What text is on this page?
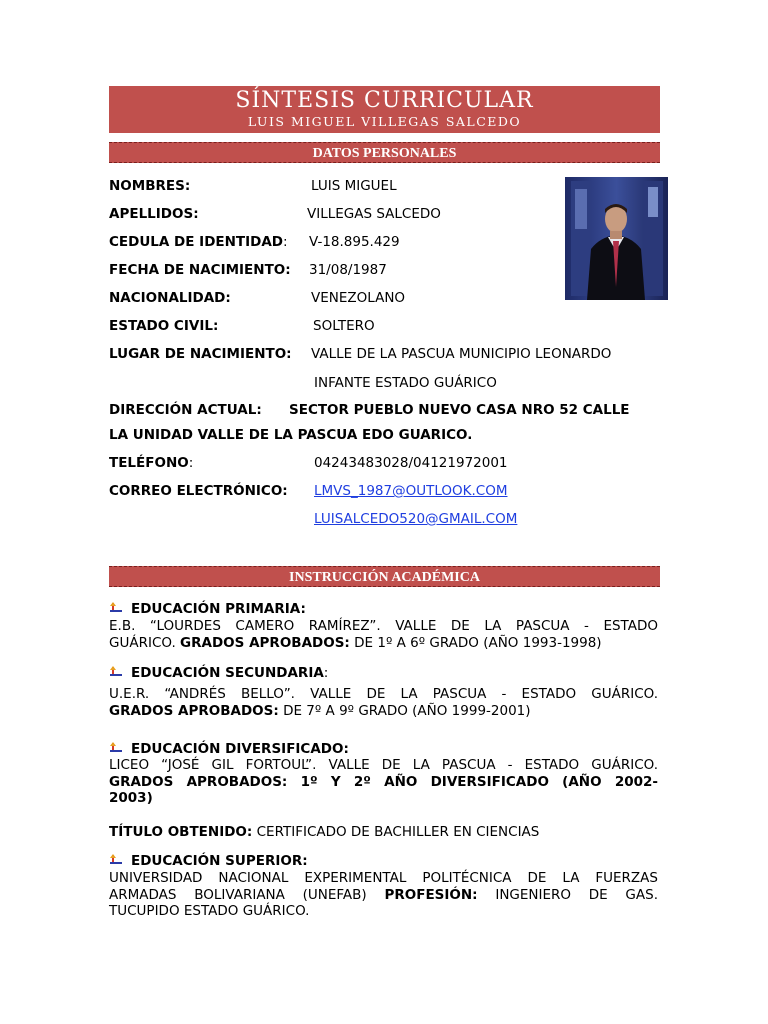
SÍNTESIS CURRICULAR
LUIS MIGUEL VILLEGAS SALCEDO
DATOS PERSONALES
NOMBRES:	LUIS MIGUEL
APELLIDOS:	VILLEGAS SALCEDO
CEDULA DE IDENTIDAD: V-18.895.429
FECHA DE NACIMIENTO: 31/08/1987
NACIONALIDAD:	VENEZOLANO
ESTADO CIVIL:	SOLTERO
LUGAR DE NACIMIENTO: VALLE DE LA PASCUA MUNICIPIO LEONARDO
INFANTE ESTADO GUÁRICO
DIRECCIÓN ACTUAL: SECTOR PUEBLO NUEVO CASA NRO 52 CALLE
LA UNIDAD VALLE DE LA PASCUA EDO GUARICO.
TELÉFONO:	04243483028/04121972001
CORREO ELECTRÓNICO: LMVS_1987@OUTLOOK.COM
LUISALCEDO520@GMAIL.COM
INSTRUCCIÓN ACADÉMICA
EDUCACIÓN PRIMARIA:
E.B. “LOURDES CAMERO RAMÍREZ”. VALLE DE LA PASCUA - ESTADO
GUÁRICO. GRADOS APROBADOS: DE 1º A 6º GRADO (AÑO 1993-1998)
EDUCACIÓN SECUNDARIA:
U.E.R. “ANDRÉS BELLO”. VALLE DE LA PASCUA - ESTADO GUÁRICO.
GRADOS APROBADOS: DE 7º A 9º GRADO (AÑO 1999-2001)
EDUCACIÓN DIVERSIFICADO:
LICEO “JOSÉ GIL FORTOUL”. VALLE DE LA PASCUA - ESTADO GUÁRICO.
GRADOS APROBADOS: 1º Y 2º AÑO DIVERSIFICADO (AÑO 2002-
2003)
TÍTULO OBTENIDO: CERTIFICADO DE BACHILLER EN CIENCIAS
EDUCACIÓN SUPERIOR:
UNIVERSIDAD NACIONAL EXPERIMENTAL POLITÉCNICA DE LA FUERZAS
ARMADAS BOLIVARIANA (UNEFAB) PROFESIÓN: INGENIERO DE GAS.
TUCUPIDO ESTADO GUÁRICO.
